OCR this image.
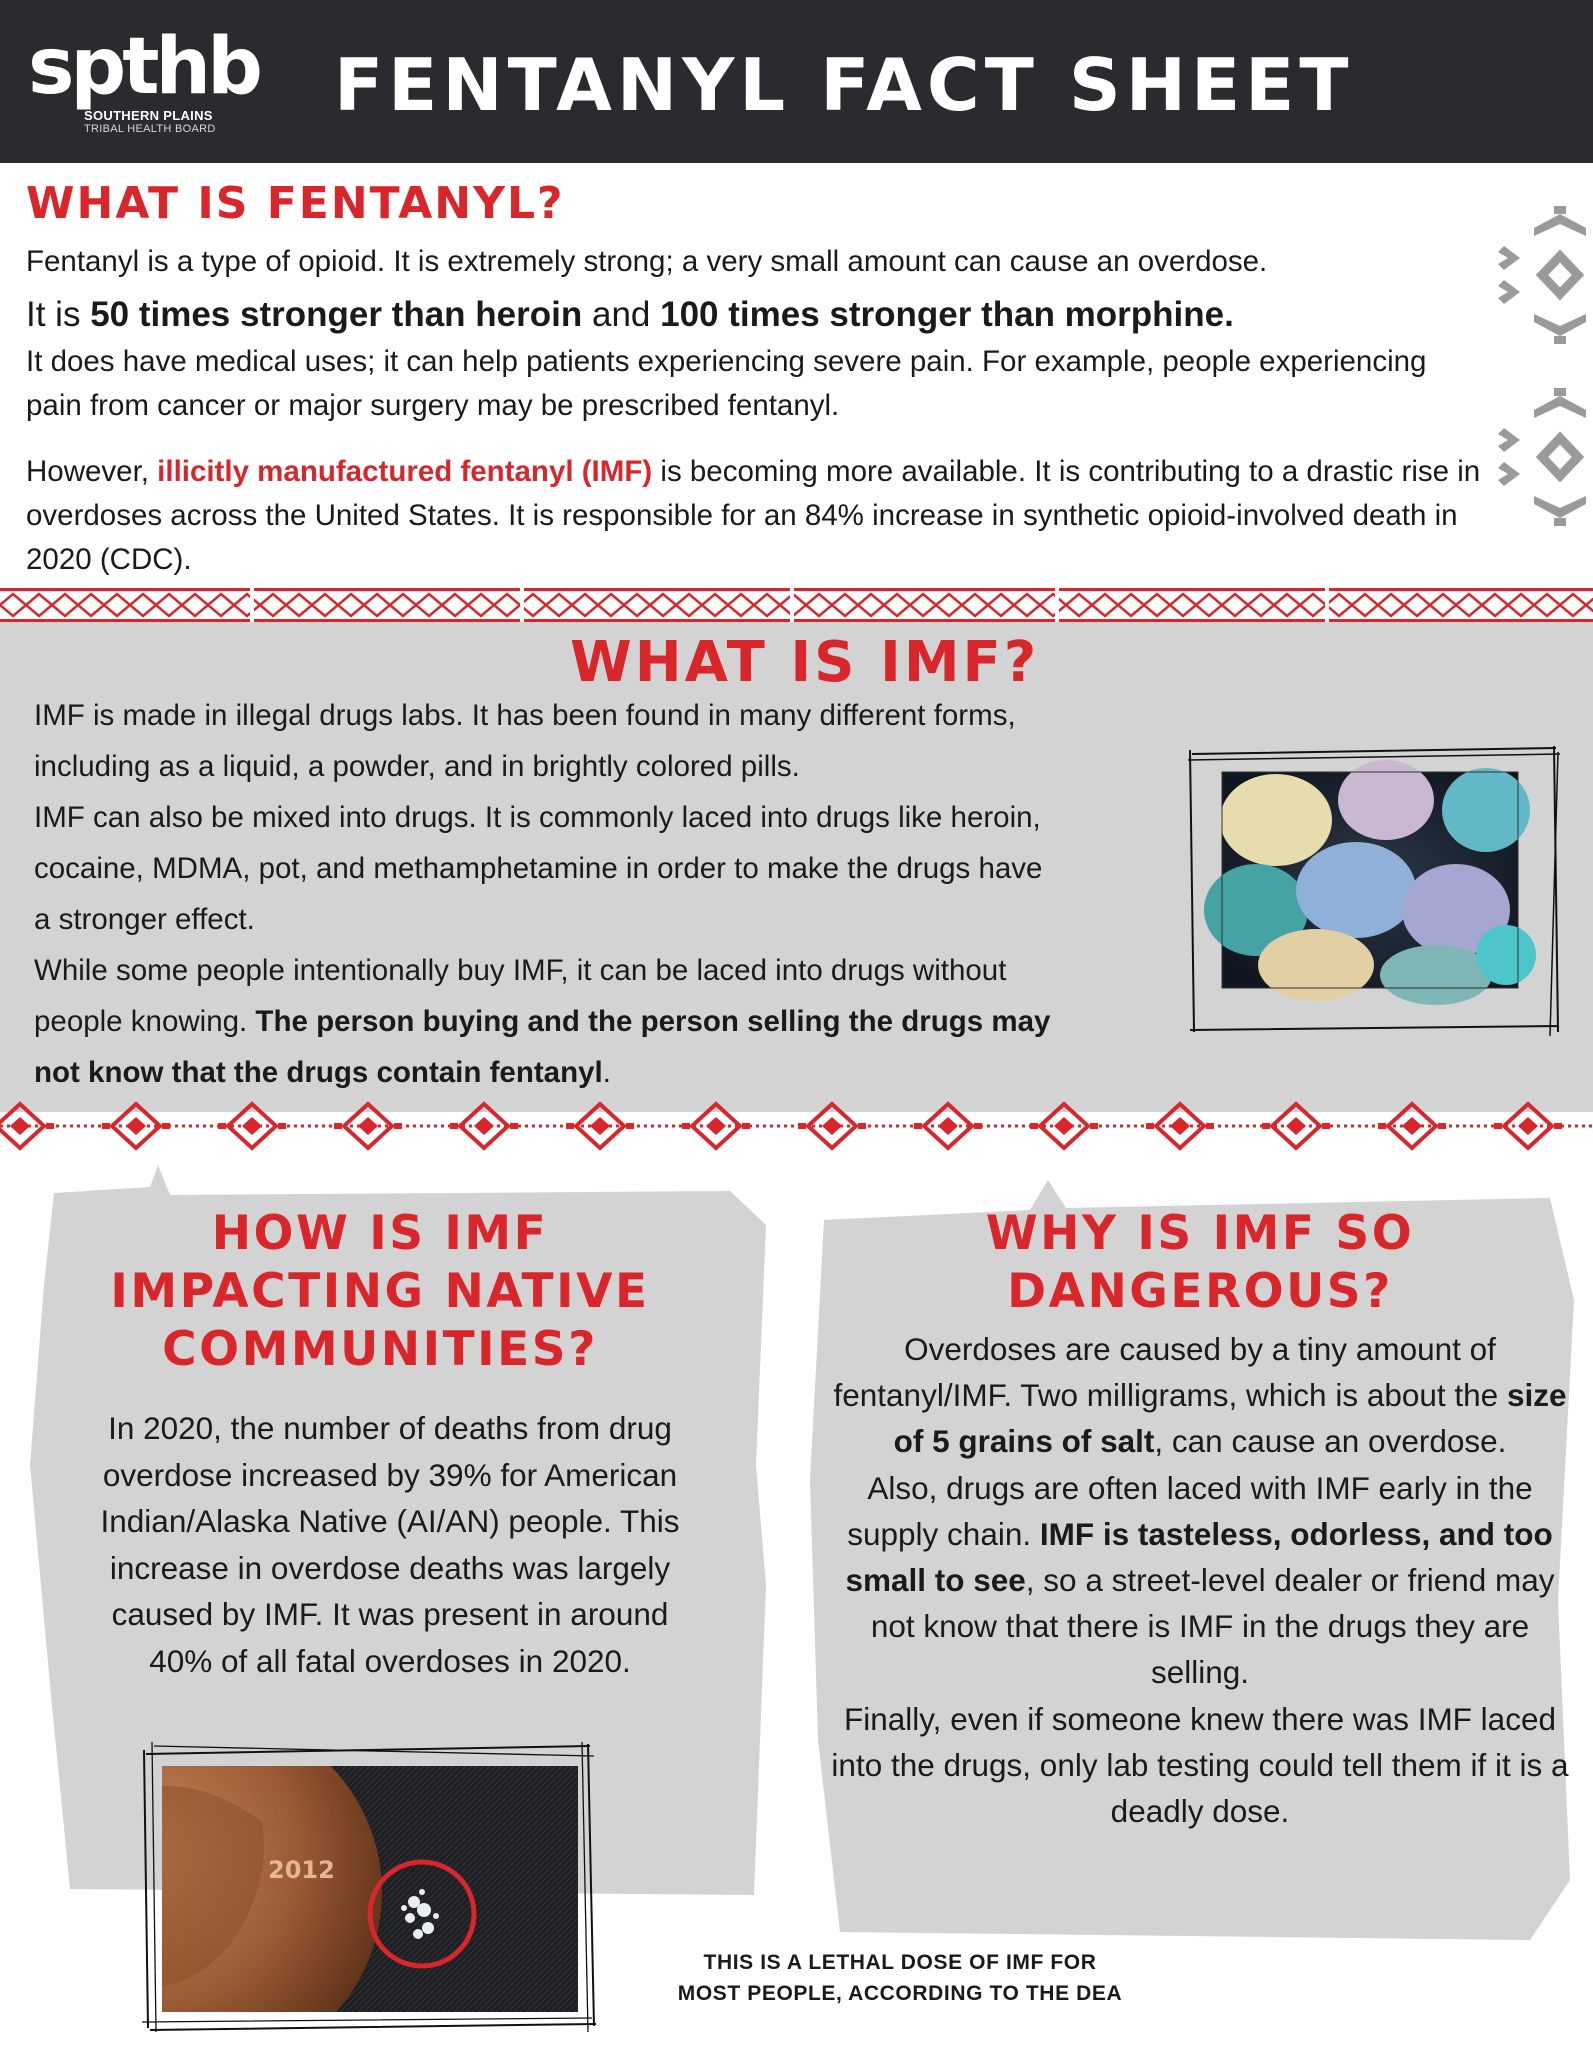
spthb
SOUTHERN PLAINS
TRIBAL HEALTH BOARD
FENTANYL FACT SHEET
WHAT IS FENTANYL?
Fentanyl is a type of opioid. It is extremely strong; a very small amount can cause an overdose.
It is 50 times stronger than heroin and 100 times stronger than morphine.
It does have medical uses; it can help patients experiencing severe pain. For example, people experiencing pain from cancer or major surgery may be prescribed fentanyl.
However, illicitly manufactured fentanyl (IMF) is becoming more available. It is contributing to a drastic rise in overdoses across the United States. It is responsible for an 84% increase in synthetic opioid-involved death in 2020 (CDC).
WHAT IS IMF?
IMF is made in illegal drugs labs. It has been found in many different forms,
including as a liquid, a powder, and in brightly colored pills.
IMF can also be mixed into drugs. It is commonly laced into drugs like heroin,
cocaine, MDMA, pot, and methamphetamine in order to make the drugs have
a stronger effect.
While some people intentionally buy IMF, it can be laced into drugs without
people knowing. The person buying and the person selling the drugs may
not know that the drugs contain fentanyl.
HOW IS IMF
IMPACTING NATIVE
COMMUNITIES?
In 2020, the number of deaths from drug overdose increased by 39% for American Indian/Alaska Native (AI/AN) people. This increase in overdose deaths was largely caused by IMF. It was present in around 40% of all fatal overdoses in 2020.
WHY IS IMF SO
DANGEROUS?
Overdoses are caused by a tiny amount of fentanyl/IMF. Two milligrams, which is about the size of 5 grains of salt, can cause an overdose.
Also, drugs are often laced with IMF early in the supply chain. IMF is tasteless, odorless, and too small to see, so a street-level dealer or friend may not know that there is IMF in the drugs they are selling.
Finally, even if someone knew there was IMF laced into the drugs, only lab testing could tell them if it is a deadly dose.
2012
THIS IS A LETHAL DOSE OF IMF FOR
MOST PEOPLE, ACCORDING TO THE DEA
